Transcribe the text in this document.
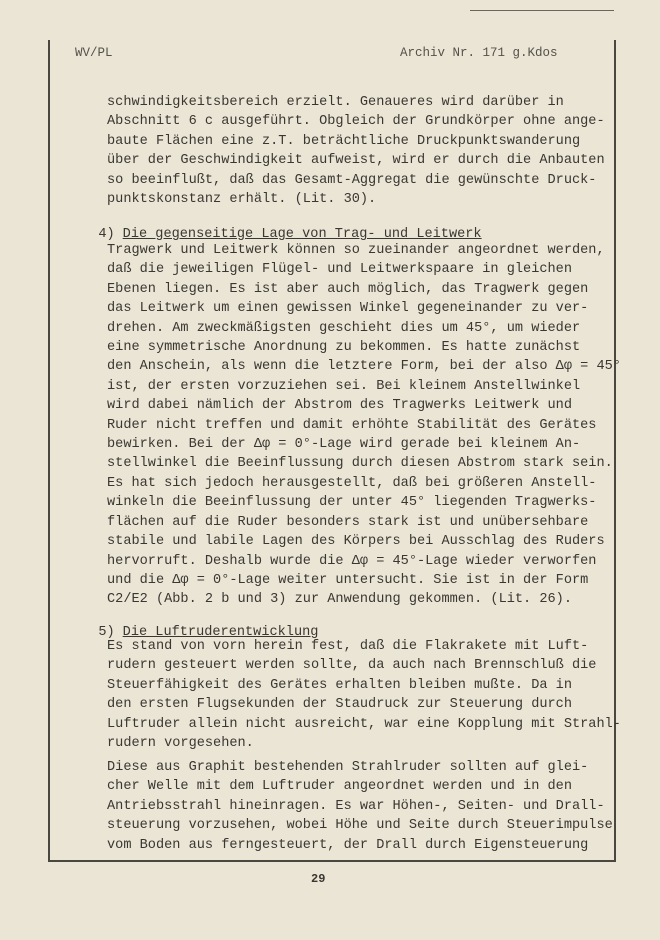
WV/PL	Archiv Nr. 171 g.Kdos
schwindigkeitsbereich erzielt. Genaueres wird darüber in
Abschnitt 6 c ausgeführt. Obgleich der Grundkörper ohne ange-
baute Flächen eine z.T. beträchtliche Druckpunktswanderung
über der Geschwindigkeit aufweist, wird er durch die Anbauten
so beeinflußt, daß das Gesamt-Aggregat die gewünschte Druck-
punktskonstanz erhält. (Lit. 30).

4) Die gegenseitige Lage von Trag- und Leitwerk

Tragwerk und Leitwerk können so zueinander angeordnet werden,
daß die jeweiligen Flügel- und Leitwerkspaare in gleichen
Ebenen liegen. Es ist aber auch möglich, das Tragwerk gegen
das Leitwerk um einen gewissen Winkel gegeneinander zu ver-
drehen. Am zweckmäßigsten geschieht dies um 45°, um wieder
eine symmetrische Anordnung zu bekommen. Es hatte zunächst
den Anschein, als wenn die letztere Form, bei der also Δφ = 45°
ist, der ersten vorzuziehen sei. Bei kleinem Anstellwinkel
wird dabei nämlich der Abstrom des Tragwerks Leitwerk und
Ruder nicht treffen und damit erhöhte Stabilität des Gerätes
bewirken. Bei der Δφ = 0°-Lage wird gerade bei kleinem An-
stellwinkel die Beeinflussung durch diesen Abstrom stark sein.
Es hat sich jedoch herausgestellt, daß bei größeren Anstell-
winkeln die Beeinflussung der unter 45° liegenden Tragwerks-
flächen auf die Ruder besonders stark ist und unübersehbare
stabile und labile Lagen des Körpers bei Ausschlag des Ruders
hervorruft. Deshalb wurde die Δφ = 45°-Lage wieder verworfen
und die Δφ = 0°-Lage weiter untersucht. Sie ist in der Form
C2/E2 (Abb. 2 b und 3) zur Anwendung gekommen. (Lit. 26).

5) Die Luftruderentwicklung

Es stand von vorn herein fest, daß die Flakrakete mit Luft-
rudern gesteuert werden sollte, da auch nach Brennschluß die
Steuerfähigkeit des Gerätes erhalten bleiben mußte. Da in
den ersten Flugsekunden der Staudruck zur Steuerung durch
Luftruder allein nicht ausreicht, war eine Kopplung mit Strahl-
rudern vorgesehen.
Diese aus Graphit bestehenden Strahlruder sollten auf glei-
cher Welle mit dem Luftruder angeordnet werden und in den
Antriebsstrahl hineinragen. Es war Höhen-, Seiten- und Drall-
steuerung vorzusehen, wobei Höhe und Seite durch Steuerimpulse
vom Boden aus ferngesteuert, der Drall durch Eigensteuerung
29
